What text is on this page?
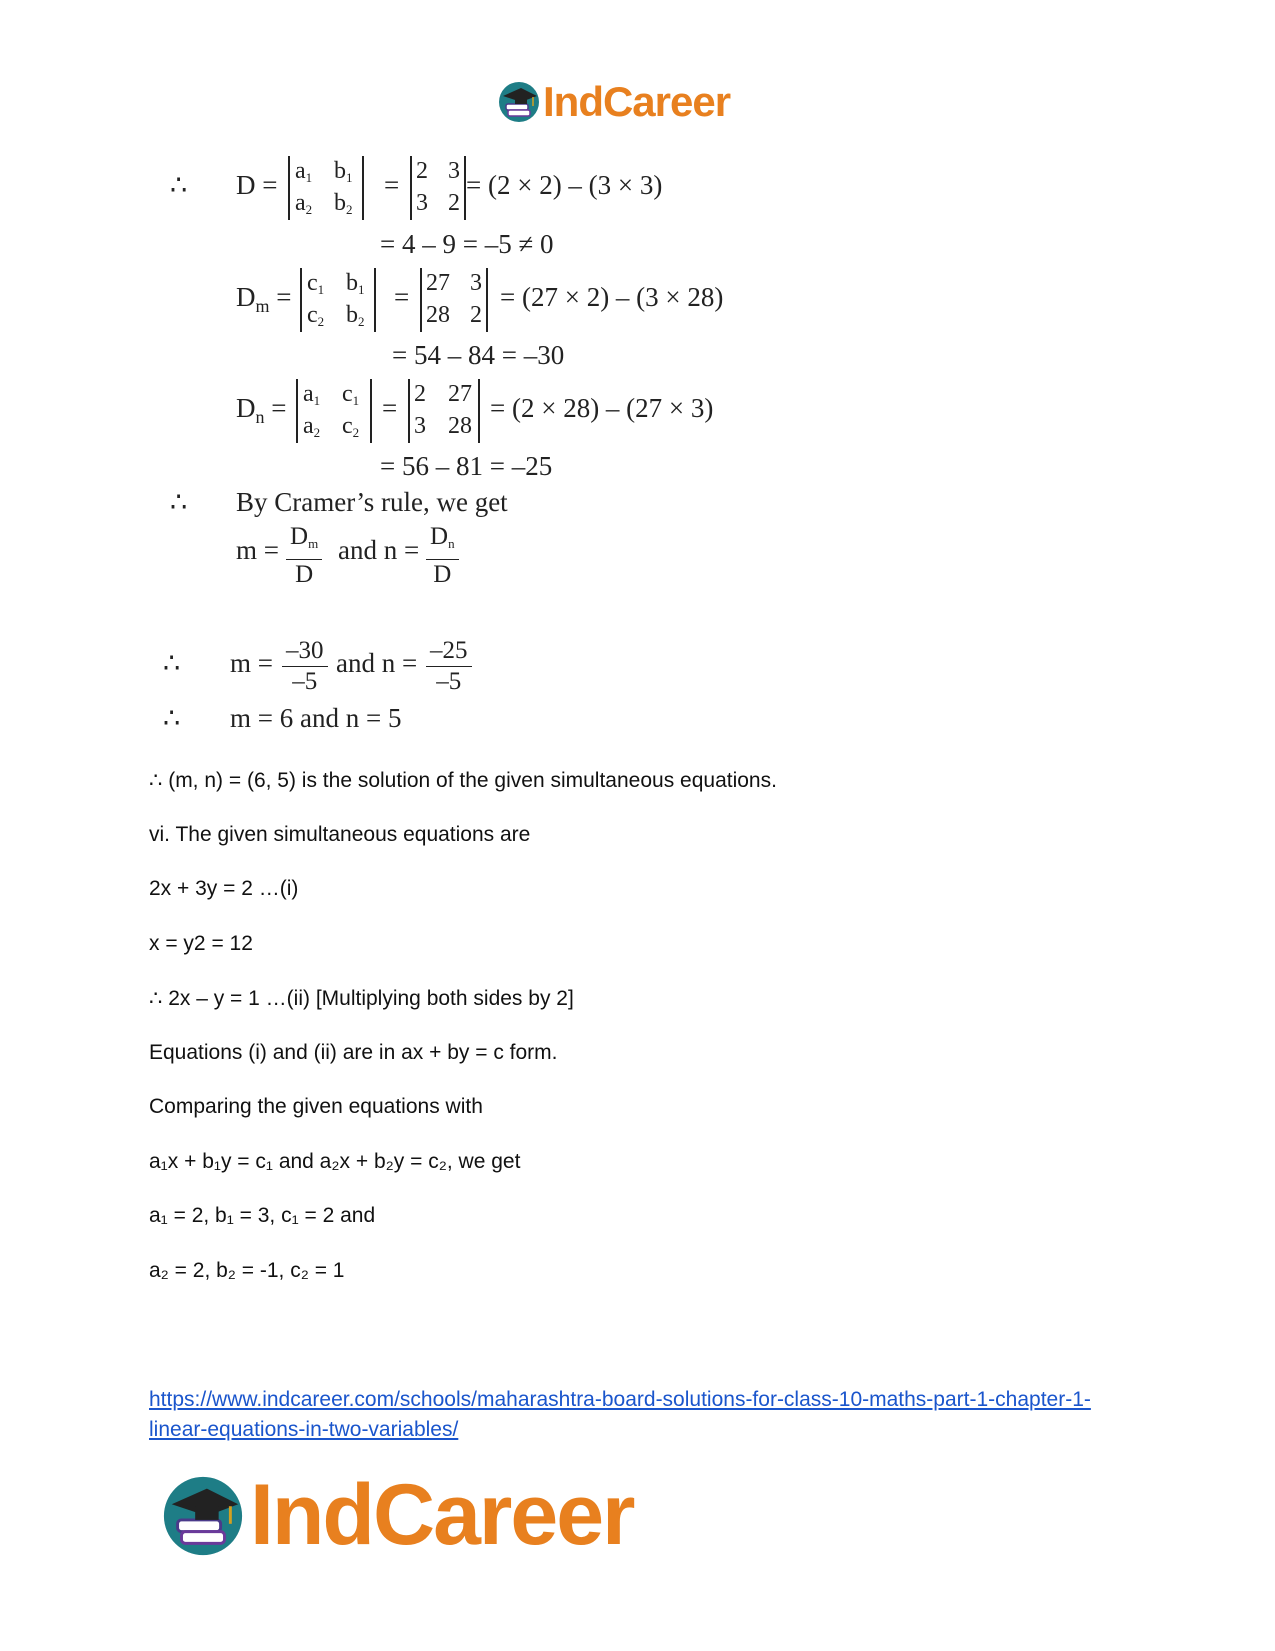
IndCareer
∴ $D = a_1$ $b_1$
$a_2$ $b_2$
= 2 3
3 2
= (2 × 2) – (3 × 3)
= 4 – 9 = –5 ≠ 0
$D_m = c_1$ $b_1$
$c_2$ $b_2$
= 27 3
28 2
= (27 × 2) – (3 × 28)
= 54 – 84 = –30
$D_n = a_1$ $c_1$
$a_2$ $c_2$
= 2 27
3 28
= (2 × 28) – (27 × 3)
= 56 – 81 = –25
∴ By Cramer’s rule, we get
$m = D_m$
D
and $n = D_n$
D
∴ m = –30
–5
and n = –25
–5
∴ m = 6 and n = 5
∴ (m, n) = (6, 5) is the solution of the given simultaneous equations.
vi. The given simultaneous equations are
2x + 3y = 2 …(i)
x = y2 = 12
∴ 2x – y = 1 …(ii) [Multiplying both sides by 2]
Equations (i) and (ii) are in ax + by = c form.
Comparing the given equations with
a₁x + b₁y = c₁ and a₂x + b₂y = c₂, we get
a₁ = 2, b₁ = 3, c₁ = 2 and
a₂ = 2, b₂ = -1, c₂ = 1
https://www.indcareer.com/schools/maharashtra-board-solutions-for-class-10-maths-part-1-chapter-1-linear-equations-in-two-variables/
IndCareer
